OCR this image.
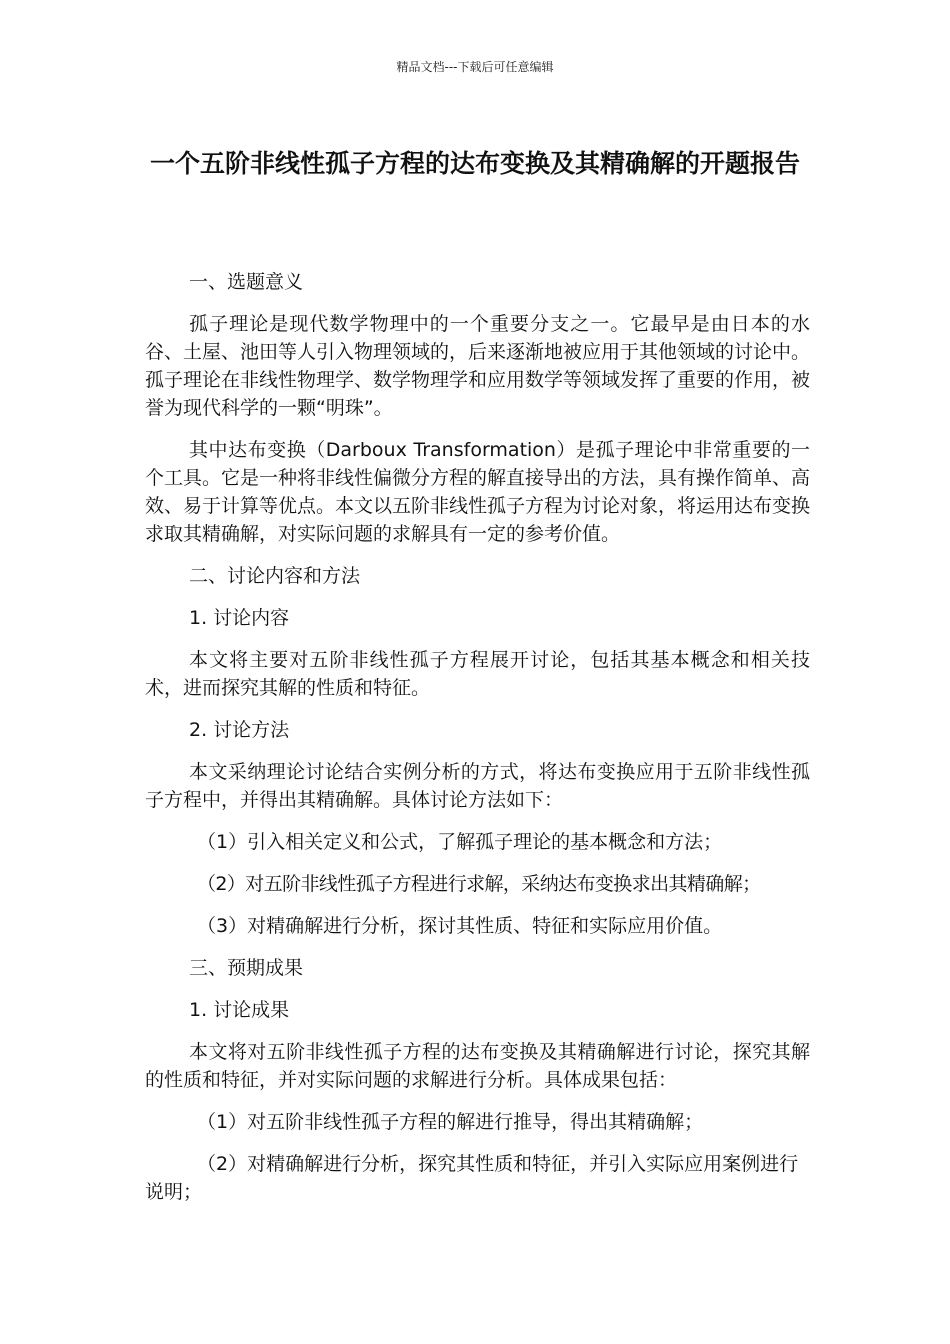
精品文档---下载后可任意编辑
一个五阶非线性孤子方程的达布变换及其精确解的开题报告
一、选题意义
孤子理论是现代数学物理中的一个重要分支之一。它最早是由日本的水谷、土屋、池田等人引入物理领域的，后来逐渐地被应用于其他领域的讨论中。孤子理论在非线性物理学、数学物理学和应用数学等领域发挥了重要的作用，被誉为现代科学的一颗“明珠”。
其中达布变换（Darboux Transformation）是孤子理论中非常重要的一个工具。它是一种将非线性偏微分方程的解直接导出的方法，具有操作简单、高效、易于计算等优点。本文以五阶非线性孤子方程为讨论对象，将运用达布变换求取其精确解，对实际问题的求解具有一定的参考价值。
二、讨论内容和方法
1. 讨论内容
本文将主要对五阶非线性孤子方程展开讨论，包括其基本概念和相关技术，进而探究其解的性质和特征。
2. 讨论方法
本文采纳理论讨论结合实例分析的方式，将达布变换应用于五阶非线性孤子方程中，并得出其精确解。具体讨论方法如下：
（1）引入相关定义和公式，了解孤子理论的基本概念和方法；
（2）对五阶非线性孤子方程进行求解，采纳达布变换求出其精确解；
（3）对精确解进行分析，探讨其性质、特征和实际应用价值。
三、预期成果
1. 讨论成果
本文将对五阶非线性孤子方程的达布变换及其精确解进行讨论，探究其解的性质和特征，并对实际问题的求解进行分析。具体成果包括：
（1）对五阶非线性孤子方程的解进行推导，得出其精确解；
（2）对精确解进行分析，探究其性质和特征，并引入实际应用案例进行说明；
